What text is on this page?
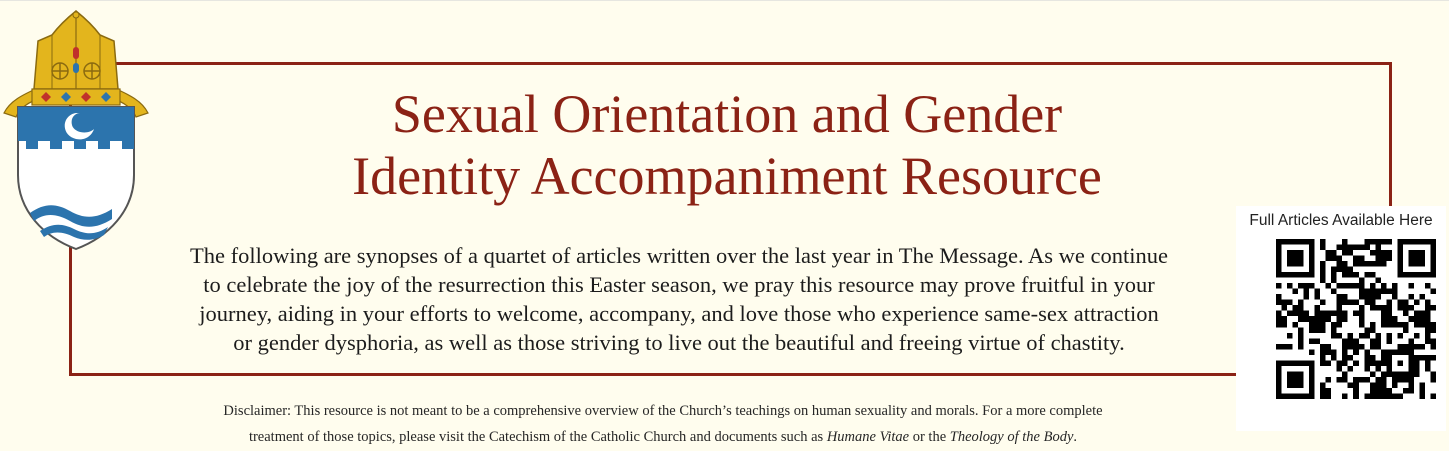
Sexual Orientation and Gender
Identity Accompaniment Resource

The following are synopses of a quartet of articles written over the last year in The Message. As we continue
to celebrate the joy of the resurrection this Easter season, we pray this resource may prove fruitful in your
journey, aiding in your efforts to welcome, accompany, and love those who experience same-sex attraction
or gender dysphoria, as well as those striving to live out the beautiful and freeing virtue of chastity.

Disclaimer: This resource is not meant to be a comprehensive overview of the Church’s teachings on human sexuality and morals. For a more complete
treatment of those topics, please visit the Catechism of the Catholic Church and documents such as Humane Vitae or the Theology of the Body.

Full Articles Available Here
